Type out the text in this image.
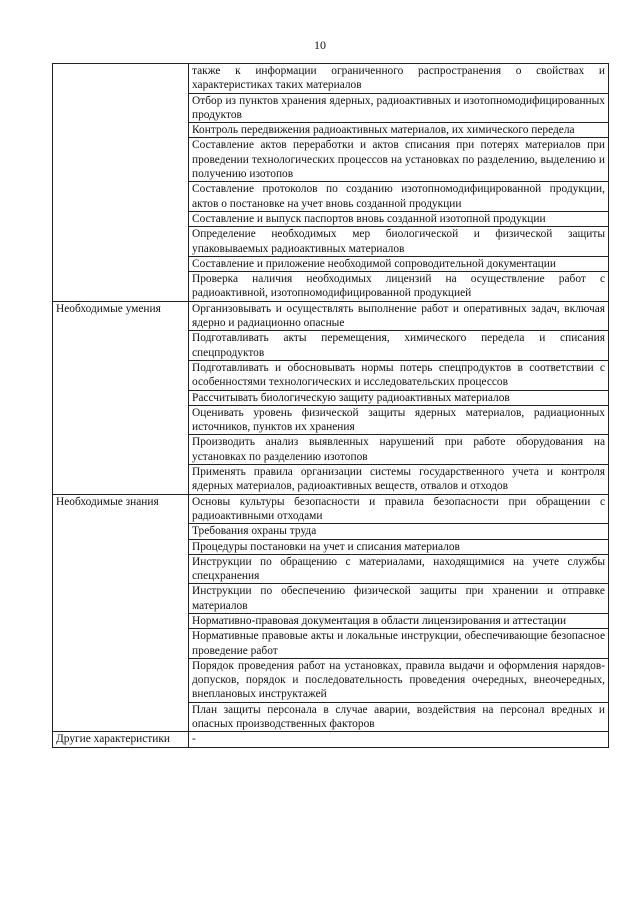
10
	также к информации ограниченного распространения о свойствах и характеристиках таких материалов
	Отбор из пунктов хранения ядерных, радиоактивных и изотопномодифицированных продуктов
	Контроль передвижения радиоактивных материалов, их химического передела
	Составление актов переработки и актов списания при потерях материалов при проведении технологических процессов на установках по разделению, выделению и получению изотопов
	Составление протоколов по созданию изотопномодифицированной продукции, актов о постановке на учет вновь созданной продукции
	Составление и выпуск паспортов вновь созданной изотопной продукции
	Определение необходимых мер биологической и физической защиты упаковываемых радиоактивных материалов
	Составление и приложение необходимой сопроводительной документации
	Проверка наличия необходимых лицензий на осуществление работ с радиоактивной, изотопномодифицированной продукцией
Необходимые умения	Организовывать и осуществлять выполнение работ и оперативных задач, включая ядерно и радиационно опасные
	Подготавливать акты перемещения, химического передела и списания спецпродуктов
	Подготавливать и обосновывать нормы потерь спецпродуктов в соответствии с особенностями технологических и исследовательских процессов
	Рассчитывать биологическую защиту радиоактивных материалов
	Оценивать уровень физической защиты ядерных материалов, радиационных источников, пунктов их хранения
	Производить анализ выявленных нарушений при работе оборудования на установках по разделению изотопов
	Применять правила организации системы государственного учета и контроля ядерных материалов, радиоактивных веществ, отвалов и отходов
Необходимые знания	Основы культуры безопасности и правила безопасности при обращении с радиоактивными отходами
	Требования охраны труда
	Процедуры постановки на учет и списания материалов
	Инструкции по обращению с материалами, находящимися на учете службы спецхранения
	Инструкции по обеспечению физической защиты при хранении и отправке материалов
	Нормативно-правовая документация в области лицензирования и аттестации
	Нормативные правовые акты и локальные инструкции, обеспечивающие безопасное проведение работ
	Порядок проведения работ на установках, правила выдачи и оформления нарядов-допусков, порядок и последовательность проведения очередных, внеочередных, внеплановых инструктажей
	План защиты персонала в случае аварии, воздействия на персонал вредных и опасных производственных факторов
Другие характеристики	-
